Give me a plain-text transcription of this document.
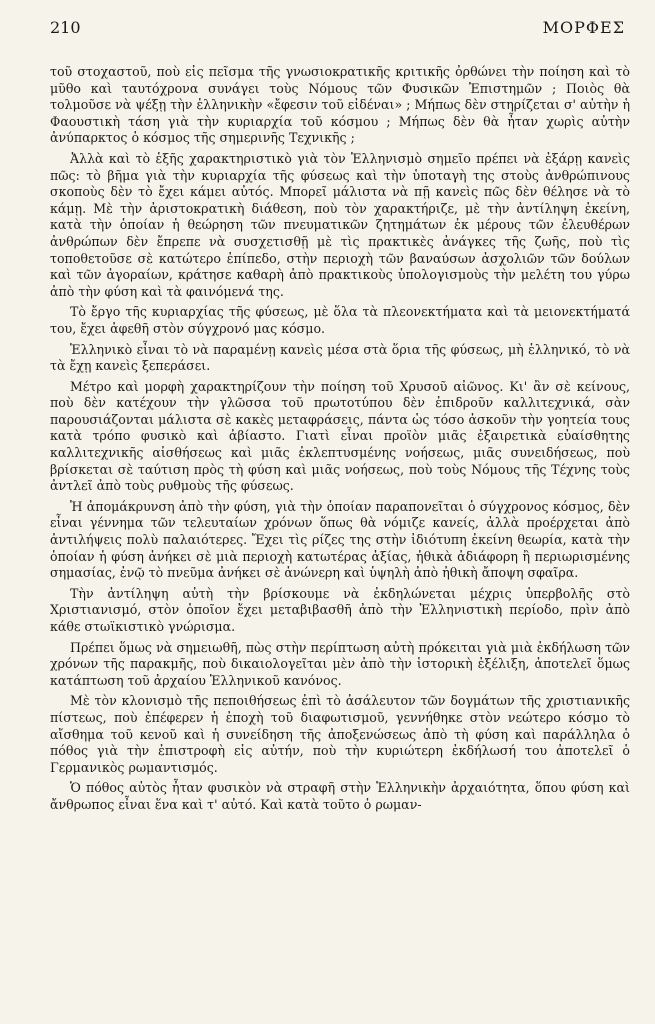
210	ΜΟΡΦΕΣ

τοῦ στοχαστοῦ, ποὺ εἰς πεῖσμα τῆς γνωσιοκρατικῆς κριτικῆς ὀρθώνει τὴν ποίηση καὶ τὸ μῦθο καὶ ταυτόχρονα συνάγει τοὺς Νόμους τῶν Φυσικῶν Ἐπιστημῶν ; Ποιὸς θὰ τολμοῦσε νὰ ψέξῃ τὴν ἑλληνικὴν «ἔφεσιν τοῦ εἰδέναι» ; Μήπως δὲν στηρίζεται σ' αὐτὴν ἡ Φαουστικὴ τάση γιὰ τὴν κυριαρχία τοῦ κόσμου ; Μήπως δὲν θὰ ἦταν χωρὶς αὐτὴν ἀνύπαρκτος ὁ κόσμος τῆς σημερινῆς Τεχνικῆς ;

Ἀλλὰ καὶ τὸ ἑξῆς χαρακτηριστικὸ γιὰ τὸν Ἑλληνισμὸ σημεῖο πρέπει νὰ ἐξάρῃ κανεὶς πῶς: τὸ βῆμα γιὰ τὴν κυριαρχία τῆς φύσεως καὶ τὴν ὑποταγὴ της στοὺς ἀνθρώπινους σκοποὺς δὲν τὸ ἔχει κάμει αὐτός. Μπορεῖ μάλιστα νὰ πῇ κανεὶς πῶς δὲν θέλησε νὰ τὸ κάμῃ. Μὲ τὴν ἀριστοκρατικὴ διάθεση, ποὺ τὸν χαρακτήριζε, μὲ τὴν ἀντίληψη ἐκείνη, κατὰ τὴν ὁποίαν ἡ θεώρηση τῶν πνευματικῶν ζητημάτων ἐκ μέρους τῶν ἐλευθέρων ἀνθρώπων δὲν ἔπρεπε νὰ συσχετισθῇ μὲ τὶς πρακτικὲς ἀνάγκες τῆς ζωῆς, ποὺ τὶς τοποθετοῦσε σὲ κατώτερο ἐπίπεδο, στὴν περιοχὴ τῶν βαναύσων ἀσχολιῶν τῶν δούλων καὶ τῶν ἀγοραίων, κράτησε καθαρὴ ἀπὸ πρακτικοὺς ὑπολογισμοὺς τὴν μελέτη του γύρω ἀπὸ τὴν φύση καὶ τὰ φαινόμενά της.

Τὸ ἔργο τῆς κυριαρχίας τῆς φύσεως, μὲ ὅλα τὰ πλεονεκτήματα καὶ τὰ μειονεκτήματά του, ἔχει ἀφεθῆ στὸν σύγχρονό μας κόσμο.

Ἑλληνικὸ εἶναι τὸ νὰ παραμένῃ κανεὶς μέσα στὰ ὅρια τῆς φύσεως, μὴ ἑλληνικό, τὸ νὰ τὰ ἔχῃ κανεὶς ξεπεράσει.

Μέτρο καὶ μορφὴ χαρακτηρίζουν τὴν ποίηση τοῦ Χρυσοῦ αἰῶνος. Κι' ἂν σὲ κείνους, ποὺ δὲν κατέχουν τὴν γλῶσσα τοῦ πρωτοτύπου δὲν ἐπιδροῦν καλλιτεχνικά, σὰν παρουσιάζονται μάλιστα σὲ κακὲς μεταφράσεις, πάντα ὡς τόσο ἀσκοῦν τὴν γοητεία τους κατὰ τρόπο φυσικὸ καὶ ἀβίαστο. Γιατὶ εἶναι προϊὸν μιᾶς ἐξαιρετικὰ εὐαίσθητης καλλιτεχνικῆς αἰσθήσεως καὶ μιᾶς ἐκλεπτυσμένης νοήσεως, μιᾶς συνειδήσεως, ποὺ βρίσκεται σὲ ταύτιση πρὸς τὴ φύση καὶ μιᾶς νοήσεως, ποὺ τοὺς Νόμους τῆς Τέχνης τοὺς ἀντλεῖ ἀπὸ τοὺς ρυθμοὺς τῆς φύσεως.

Ἡ ἀπομάκρυνση ἀπὸ τὴν φύση, γιὰ τὴν ὁποίαν παραπονεῖται ὁ σύγχρονος κόσμος, δὲν εἶναι γέννημα τῶν τελευταίων χρόνων ὅπως θὰ νόμιζε κανείς, ἀλλὰ προέρχεται ἀπὸ ἀντιλήψεις πολὺ παλαιότερες. Ἔχει τὶς ρίζες της στὴν ἰδιότυπη ἐκείνη θεωρία, κατὰ τὴν ὁποίαν ἡ φύση ἀνήκει σὲ μιὰ περιοχὴ κατωτέρας ἀξίας, ἠθικὰ ἀδιάφορη ἢ περιωρισμένης σημασίας, ἐνῷ τὸ πνεῦμα ἀνήκει σὲ ἀνώνερη καὶ ὑψηλὴ ἀπὸ ἠθικὴ ἄποψη σφαῖρα.

Τὴν ἀντίληψη αὐτὴ τὴν βρίσκουμε νὰ ἐκδηλώνεται μέχρις ὑπερβολῆς στὸ Χριστιανισμό, στὸν ὁποῖον ἔχει μεταβιβασθῆ ἀπὸ τὴν Ἑλληνιστικὴ περίοδο, πρὶν ἀπὸ κάθε στωϊκιστικὸ γνώρισμα.

Πρέπει ὅμως νὰ σημειωθῆ, πὼς στὴν περίπτωση αὐτὴ πρόκειται γιὰ μιὰ ἐκδήλωση τῶν χρόνων τῆς παρακμῆς, ποὺ δικαιολογεῖται μὲν ἀπὸ τὴν ἱστορικὴ ἐξέλιξη, ἀποτελεῖ ὅμως κατάπτωση τοῦ ἀρχαίου Ἑλληνικοῦ κανόνος.

Μὲ τὸν κλονισμὸ τῆς πεποιθήσεως ἐπὶ τὸ ἀσάλευτον τῶν δογμάτων τῆς χριστιανικῆς πίστεως, ποὺ ἐπέφερεν ἡ ἐποχὴ τοῦ διαφωτισμοῦ, γεννήθηκε στὸν νεώτερο κόσμο τὸ αἴσθημα τοῦ κενοῦ καὶ ἡ συνείδηση τῆς ἀποξενώσεως ἀπὸ τὴ φύση καὶ παράλληλα ὁ πόθος γιὰ τὴν ἐπιστροφὴ εἰς αὐτήν, ποὺ τὴν κυριώτερη ἐκδήλωσή του ἀποτελεῖ ὁ Γερμανικὸς ρωμαντισμός.

Ὁ πόθος αὐτὸς ἦταν φυσικὸν νὰ στραφῆ στὴν Ἑλληνικὴν ἀρχαιότητα, ὅπου φύση καὶ ἄνθρωπος εἶναι ἕνα καὶ τ' αὐτό. Καὶ κατὰ τοῦτο ὁ ρωμαν-
